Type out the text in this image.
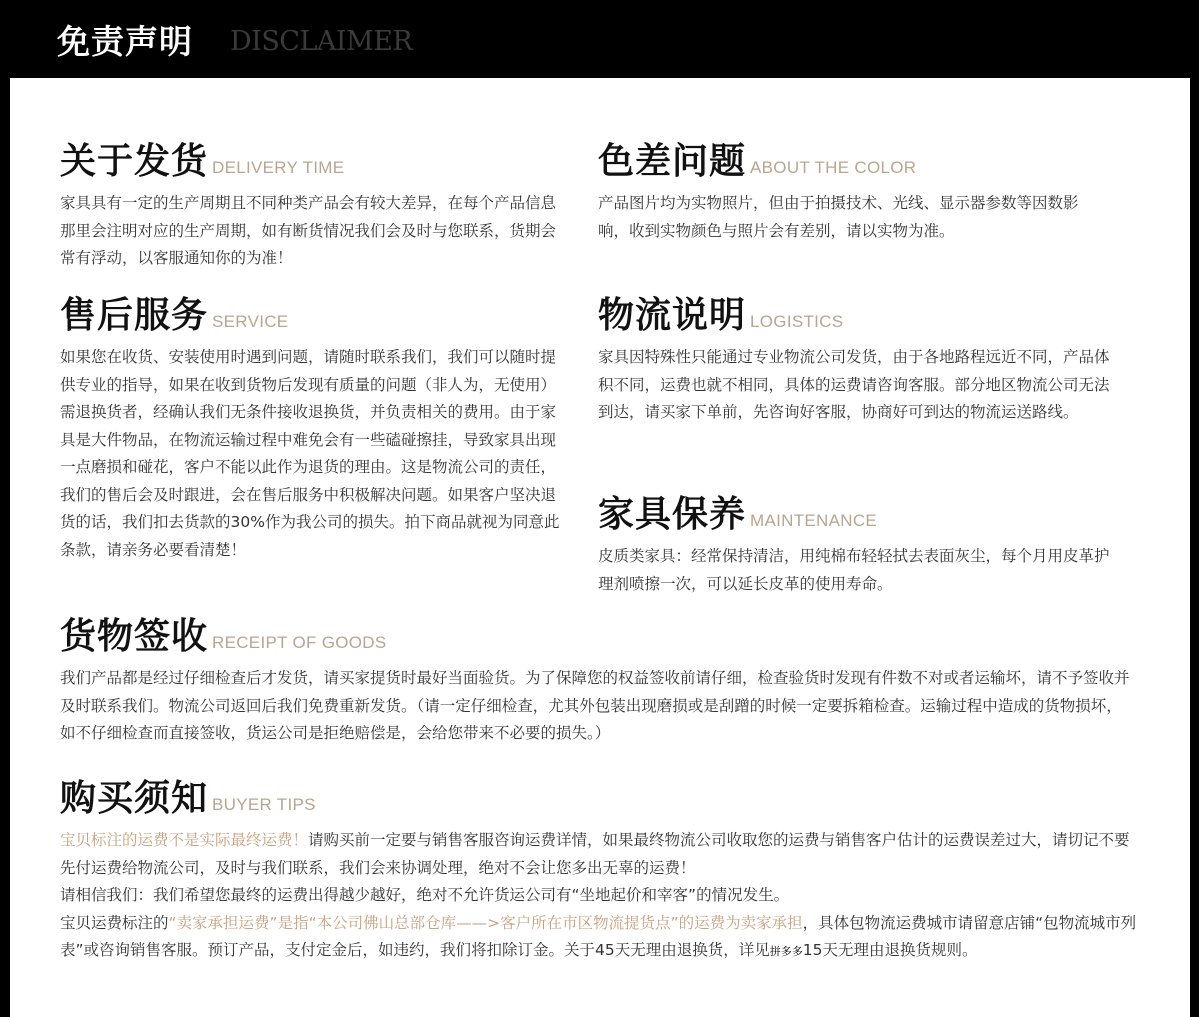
免责声明 DISCLAIMER
关于发货 DELIVERY TIME

家具具有一定的生产周期且不同种类产品会有较大差异，在每个产品信息那里会注明对应的生产周期，如有断货情况我们会及时与您联系，货期会常有浮动，以客服通知你的为准！

色差问题 ABOUT THE COLOR

产品图片均为实物照片，但由于拍摄技术、光线、显示器参数等因数影响，收到实物颜色与照片会有差别，请以实物为准。

售后服务 SERVICE

如果您在收货、安装使用时遇到问题，请随时联系我们，我们可以随时提供专业的指导，如果在收到货物后发现有质量的问题（非人为，无使用）需退换货者，经确认我们无条件接收退换货，并负责相关的费用。由于家具是大件物品，在物流运输过程中难免会有一些磕碰擦挂，导致家具出现一点磨损和碰花，客户不能以此作为退货的理由。这是物流公司的责任，我们的售后会及时跟进，会在售后服务中积极解决问题。如果客户坚决退货的话，我们扣去货款的30%作为我公司的损失。拍下商品就视为同意此条款，请亲务必要看清楚！

物流说明 LOGISTICS

家具因特殊性只能通过专业物流公司发货，由于各地路程远近不同，产品体积不同，运费也就不相同，具体的运费请咨询客服。部分地区物流公司无法到达，请买家下单前，先咨询好客服，协商好可到达的物流运送路线。

家具保养 MAINTENANCE

皮质类家具：经常保持清洁，用纯棉布轻轻拭去表面灰尘，每个月用皮革护理剂喷擦一次，可以延长皮革的使用寿命。

货物签收 RECEIPT OF GOODS

我们产品都是经过仔细检查后才发货，请买家提货时最好当面验货。为了保障您的权益签收前请仔细，检查验货时发现有件数不对或者运输坏，请不予签收并及时联系我们。物流公司返回后我们免费重新发货。（请一定仔细检查，尤其外包装出现磨损或是刮蹭的时候一定要拆箱检查。运输过程中造成的货物损坏，如不仔细检查而直接签收，货运公司是拒绝赔偿是，会给您带来不必要的损失。）

购买须知 BUYER TIPS

宝贝标注的运费不是实际最终运费！请购买前一定要与销售客服咨询运费详情，如果最终物流公司收取您的运费与销售客户估计的运费误差过大，请切记不要先付运费给物流公司，及时与我们联系，我们会来协调处理，绝对不会让您多出无辜的运费！
请相信我们：我们希望您最终的运费出得越少越好，绝对不允许货运公司有“坐地起价和宰客”的情况发生。
宝贝运费标注的“卖家承担运费”是指“本公司佛山总部仓库——>客户所在市区物流提货点”的运费为卖家承担，具体包物流运费城市请留意店铺“包物流城市列表”或咨询销售客服。预订产品，支付定金后，如违约，我们将扣除订金。关于45天无理由退换货，详见拼多多15天无理由退换货规则。
